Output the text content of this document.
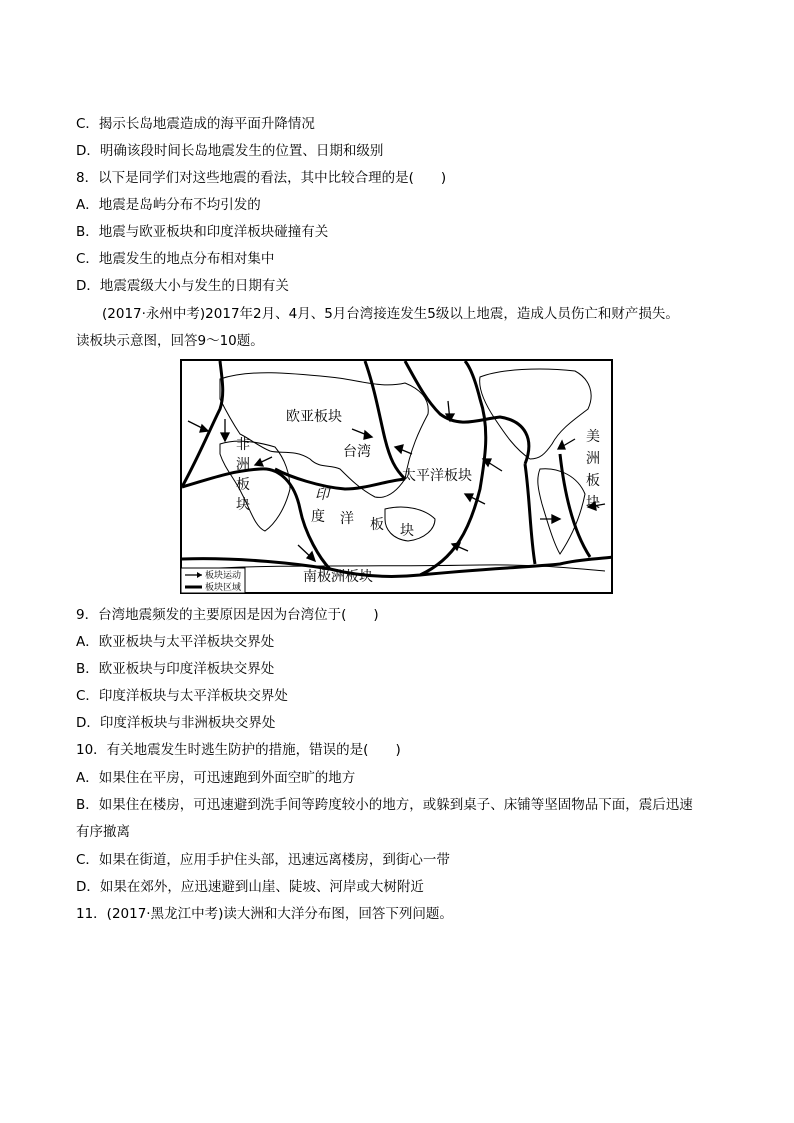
C．揭示长岛地震造成的海平面升降情况
D．明确该段时间长岛地震发生的位置、日期和级别
8．以下是同学们对这些地震的看法，其中比较合理的是(　　)
A．地震是岛屿分布不均引发的
B．地震与欧亚板块和印度洋板块碰撞有关
C．地震发生的地点分布相对集中
D．地震震级大小与发生的日期有关
(2017·永州中考)2017年2月、4月、5月台湾接连发生5级以上地震，造成人员伤亡和财产损失。
读板块示意图，回答9～10题。
欧亚板块
台湾
太平洋板块
非
洲
板
块
美
洲
板
块
印
度 洋 板 块
南极洲板块
板块运动
板块区域
9．台湾地震频发的主要原因是因为台湾位于(　　)
A．欧亚板块与太平洋板块交界处
B．欧亚板块与印度洋板块交界处
C．印度洋板块与太平洋板块交界处
D．印度洋板块与非洲板块交界处
10．有关地震发生时逃生防护的措施，错误的是(　　)
A．如果住在平房，可迅速跑到外面空旷的地方
B．如果住在楼房，可迅速避到洗手间等跨度较小的地方，或躲到桌子、床铺等坚固物品下面，震后迅速
有序撤离
C．如果在街道，应用手护住头部，迅速远离楼房，到街心一带
D．如果在郊外，应迅速避到山崖、陡坡、河岸或大树附近
11．(2017·黑龙江中考)读大洲和大洋分布图，回答下列问题。
